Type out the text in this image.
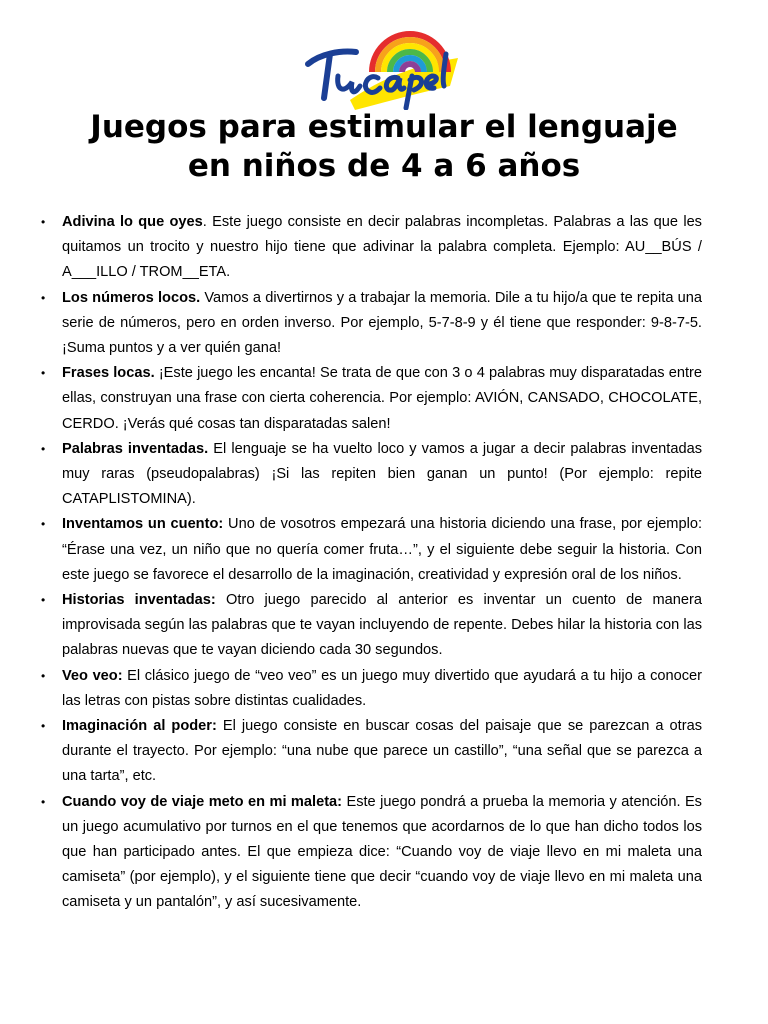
Juegos para estimular el lenguaje
en niños de 4 a 6 años
• Adivina lo que oyes. Este juego consiste en decir palabras incompletas. Palabras a las que les quitamos un trocito y nuestro hijo tiene que adivinar la palabra completa. Ejemplo: AU__BÚS / A___ILLO / TROM__ETA.
• Los números locos. Vamos a divertirnos y a trabajar la memoria. Dile a tu hijo/a que te repita una serie de números, pero en orden inverso. Por ejemplo, 5-7-8-9 y él tiene que responder: 9-8-7-5. ¡Suma puntos y a ver quién gana!
• Frases locas. ¡Este juego les encanta! Se trata de que con 3 o 4 palabras muy disparatadas entre ellas, construyan una frase con cierta coherencia. Por ejemplo: AVIÓN, CANSADO, CHOCOLATE, CERDO. ¡Verás qué cosas tan disparatadas salen!
• Palabras inventadas. El lenguaje se ha vuelto loco y vamos a jugar a decir palabras inventadas muy raras (pseudopalabras) ¡Si las repiten bien ganan un punto! (Por ejemplo: repite CATAPLISTOMINA).
• Inventamos un cuento: Uno de vosotros empezará una historia diciendo una frase, por ejemplo: “Érase una vez, un niño que no quería comer fruta…”, y el siguiente debe seguir la historia. Con este juego se favorece el desarrollo de la imaginación, creatividad y expresión oral de los niños.
• Historias inventadas: Otro juego parecido al anterior es inventar un cuento de manera improvisada según las palabras que te vayan incluyendo de repente. Debes hilar la historia con las palabras nuevas que te vayan diciendo cada 30 segundos.
• Veo veo: El clásico juego de “veo veo” es un juego muy divertido que ayudará a tu hijo a conocer las letras con pistas sobre distintas cualidades.
• Imaginación al poder: El juego consiste en buscar cosas del paisaje que se parezcan a otras durante el trayecto. Por ejemplo: “una nube que parece un castillo”, “una señal que se parezca a una tarta”, etc.
• Cuando voy de viaje meto en mi maleta: Este juego pondrá a prueba la memoria y atención. Es un juego acumulativo por turnos en el que tenemos que acordarnos de lo que han dicho todos los que han participado antes. El que empieza dice: “Cuando voy de viaje llevo en mi maleta una camiseta” (por ejemplo), y el siguiente tiene que decir “cuando voy de viaje llevo en mi maleta una camiseta y un pantalón”, y así sucesivamente.
